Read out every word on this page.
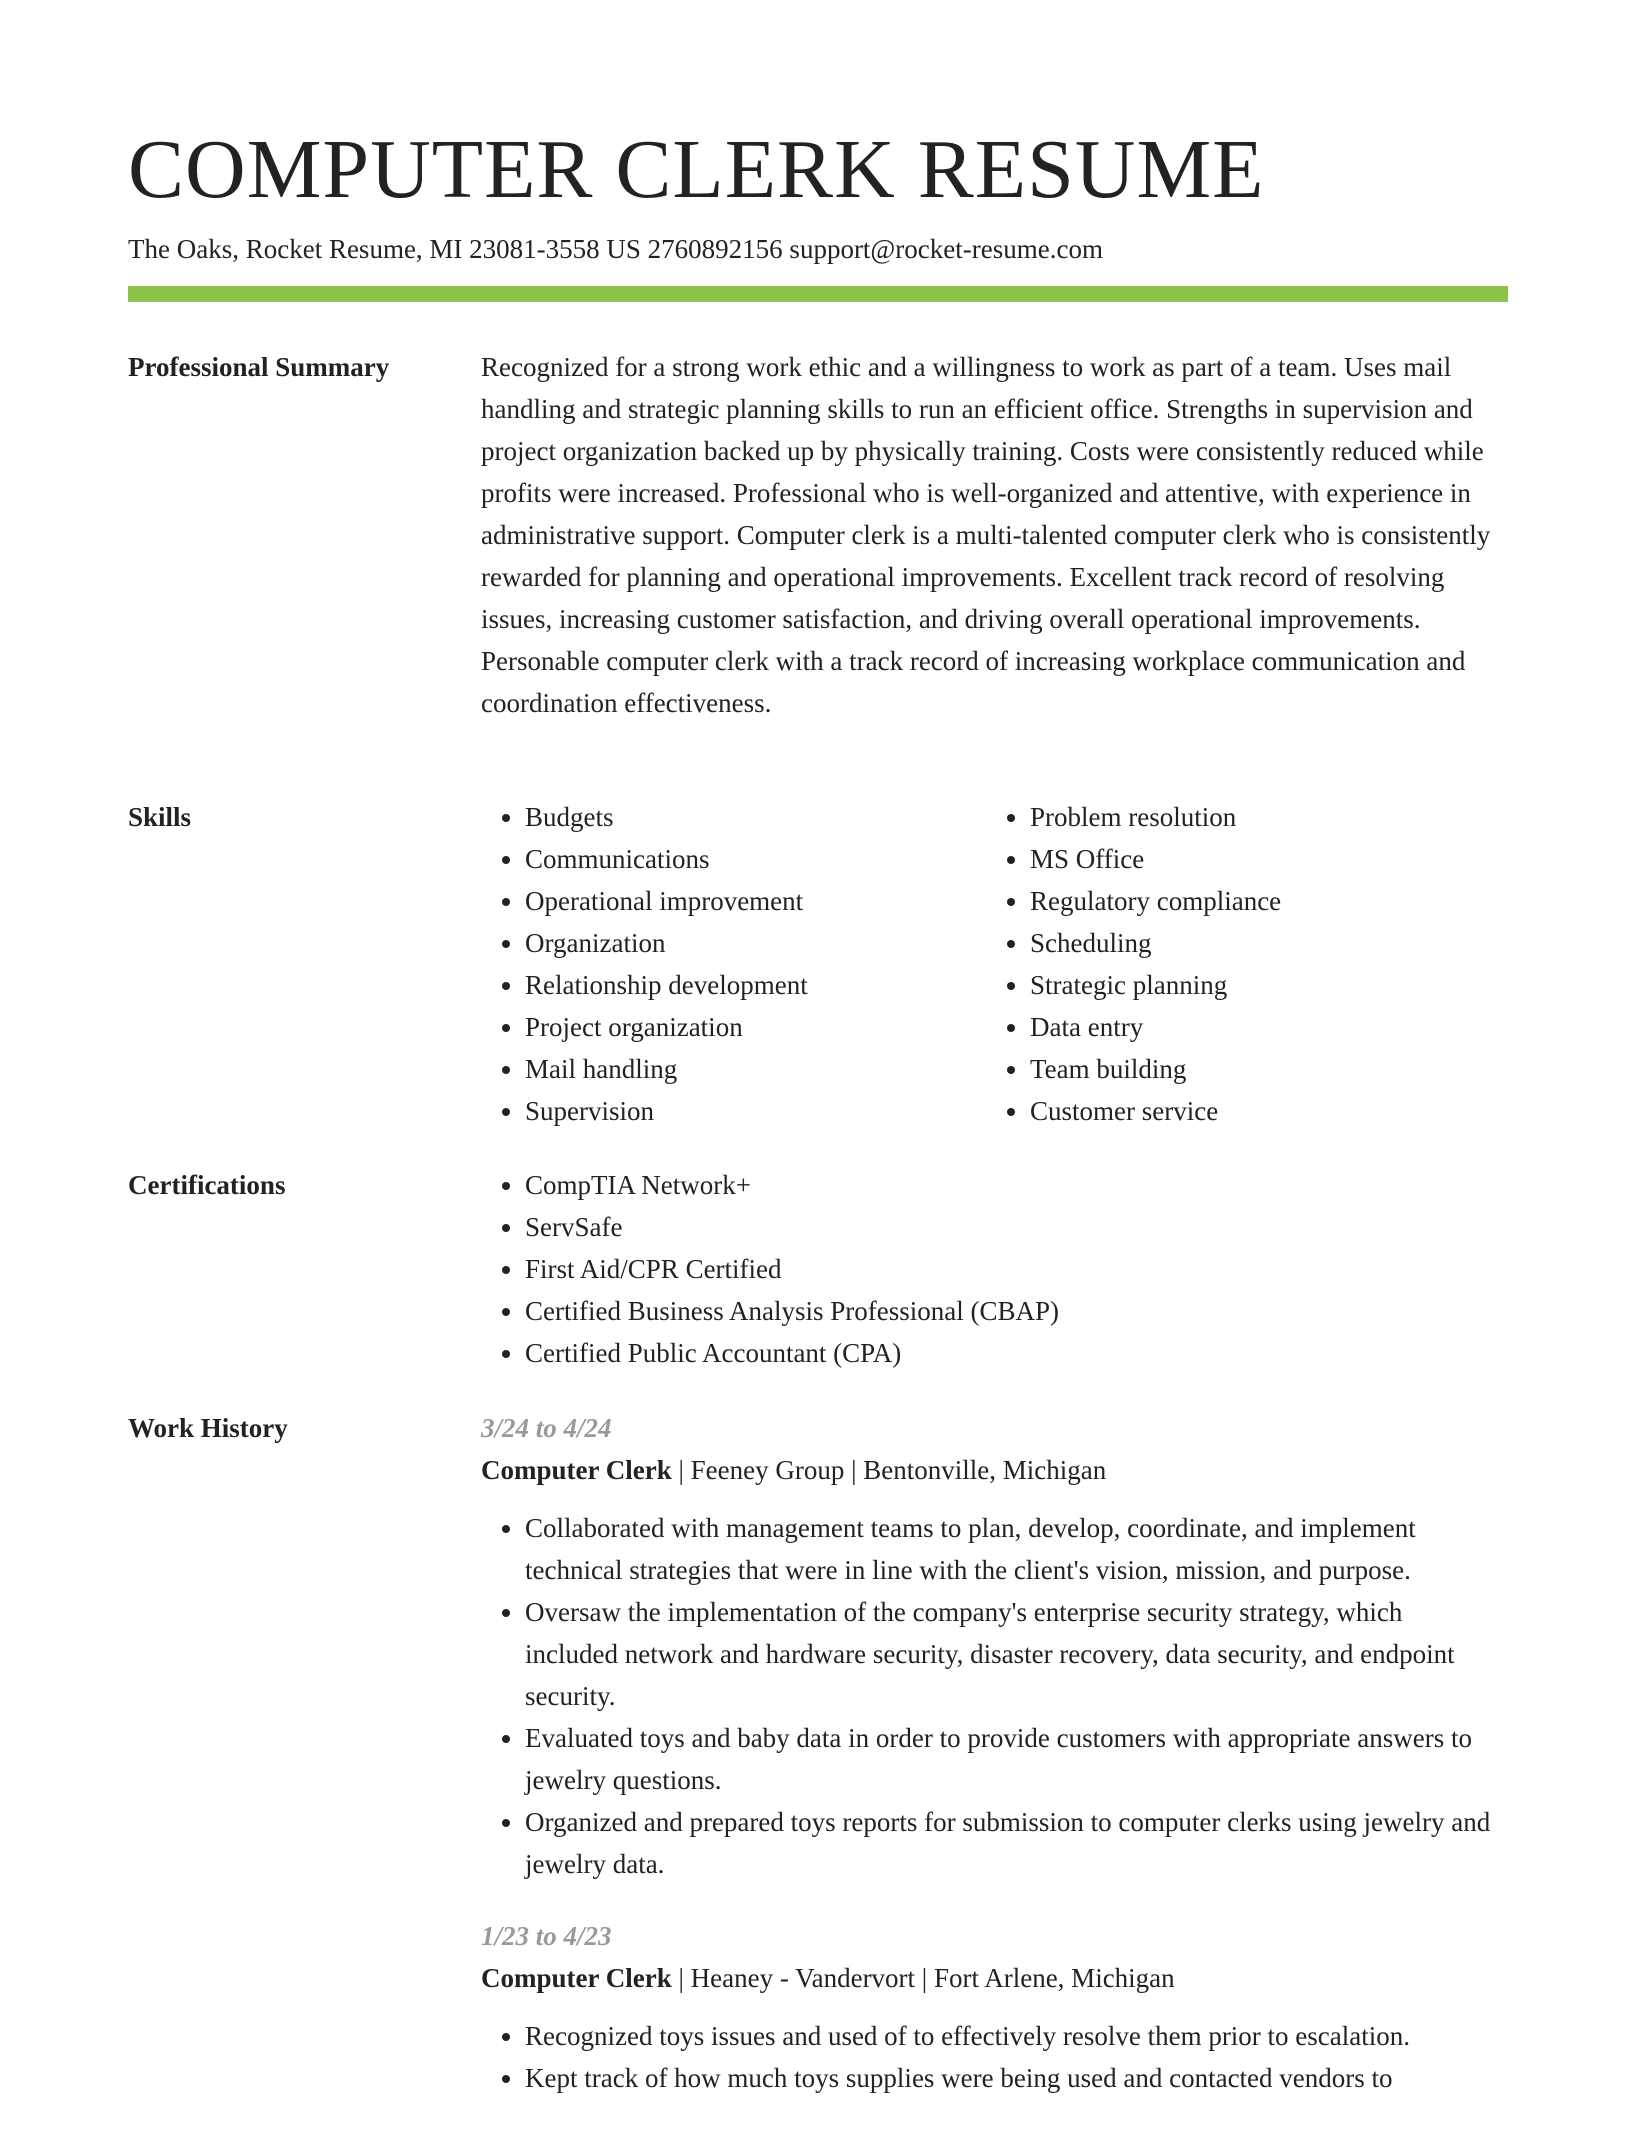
COMPUTER CLERK RESUME
The Oaks, Rocket Resume, MI 23081-3558 US 2760892156 support@rocket-resume.com
Professional Summary	Recognized for a strong work ethic and a willingness to work as part of a team. Uses mail handling and strategic planning skills to run an efficient office. Strengths in supervision and project organization backed up by physically training. Costs were consistently reduced while profits were increased. Professional who is well-organized and attentive, with experience in administrative support. Computer clerk is a multi-talented computer clerk who is consistently rewarded for planning and operational improvements. Excellent track record of resolving issues, increasing customer satisfaction, and driving overall operational improvements. Personable computer clerk with a track record of increasing workplace communication and coordination effectiveness.

Skills	• Budgets
• Communications
• Operational improvement
• Organization
• Relationship development
• Project organization
• Mail handling
• Supervision
• Problem resolution
• MS Office
• Regulatory compliance
• Scheduling
• Strategic planning
• Data entry
• Team building
• Customer service
Certifications	• CompTIA Network+
• ServSafe
• First Aid/CPR Certified
• Certified Business Analysis Professional (CBAP)
• Certified Public Accountant (CPA)
Work History	3/24 to 4/24
Computer Clerk | Feeney Group | Bentonville, Michigan
• Collaborated with management teams to plan, develop, coordinate, and implement technical strategies that were in line with the client's vision, mission, and purpose.
• Oversaw the implementation of the company's enterprise security strategy, which included network and hardware security, disaster recovery, data security, and endpoint security.
• Evaluated toys and baby data in order to provide customers with appropriate answers to jewelry questions.
• Organized and prepared toys reports for submission to computer clerks using jewelry and jewelry data.
1/23 to 4/23
Computer Clerk | Heaney - Vandervort | Fort Arlene, Michigan
• Recognized toys issues and used of to effectively resolve them prior to escalation.
• Kept track of how much toys supplies were being used and contacted vendors to
